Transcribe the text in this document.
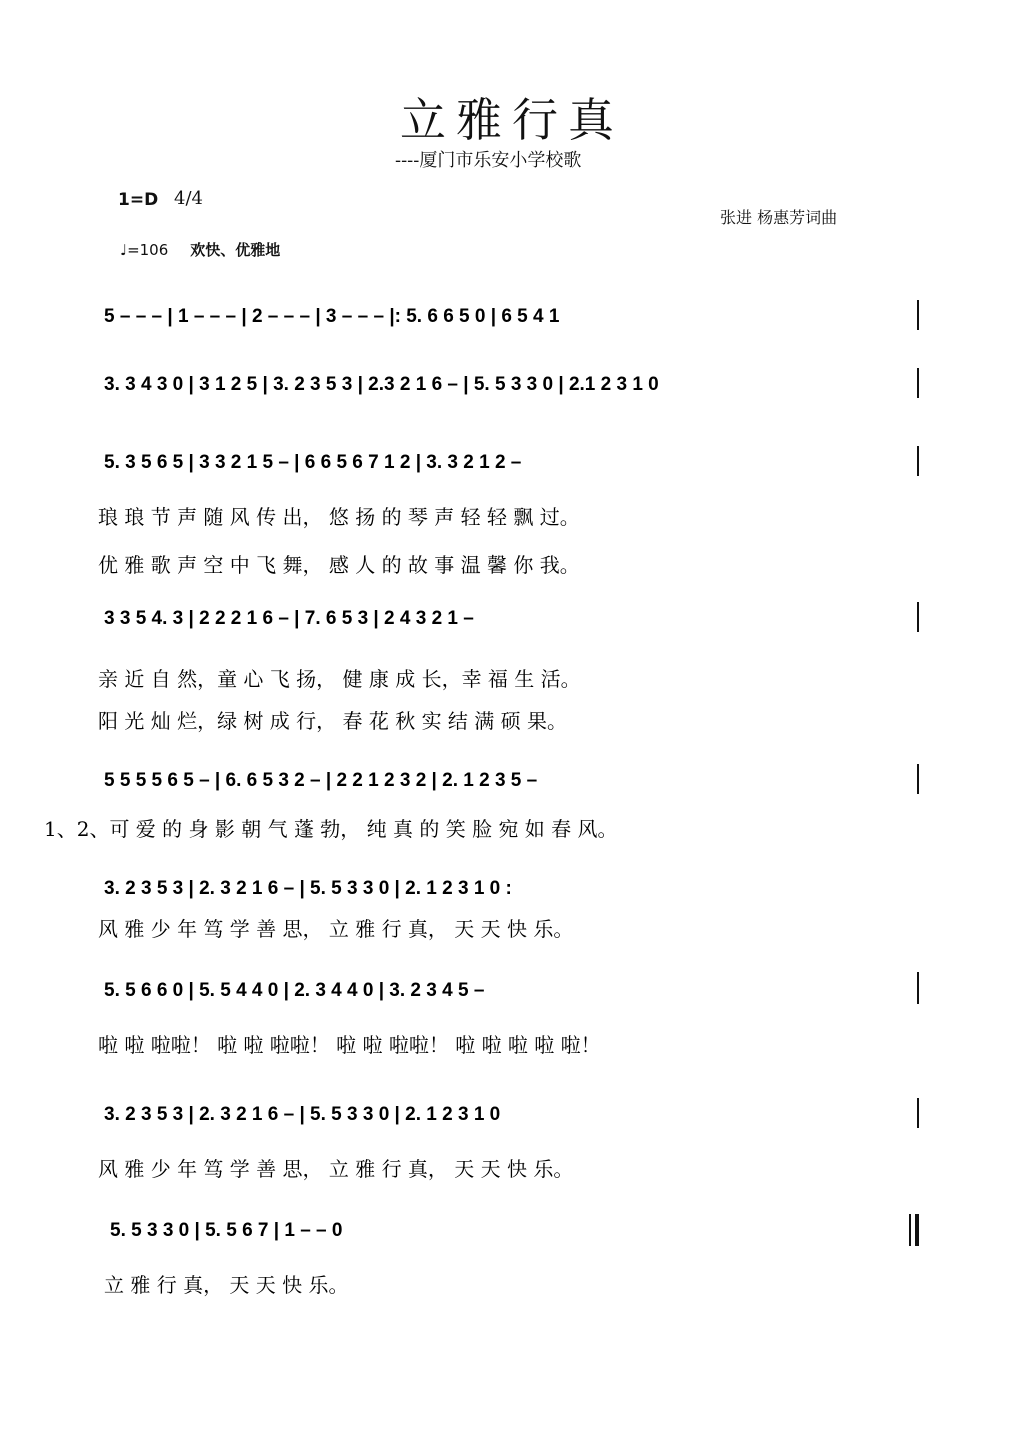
立雅行真
----厦门市乐安小学校歌
1=D 4/4
♩=106 欢快、优雅地
张进 杨惠芳词曲
5 – – – | 1 – – – | 2 – – – | 3 – – – |: 5. 6 6 5 0 | 6 5 4 1
3. 3 4 3 0 | 3 1 2 5 | 3. 2 3 5 3 | 2.3 2 1 6 – | 5. 5 3 3 0 | 2.1 2 3 1 0
5. 3 5 6 5 | 3 3 2 1 5 – | 6 6 5 6 7 1 2 | 3. 3 2 1 2 –
3 3 5 4. 3 | 2 2 2 1 6 – | 7. 6 5 3 | 2 4 3 2 1 –
5 5 5 5 6 5 – | 6. 6 5 3 2 – | 2 2 1 2 3 2 | 2. 1 2 3 5 –
3. 2 3 5 3 | 2. 3 2 1 6 – | 5. 5 3 3 0 | 2. 1 2 3 1 0 :
5. 5 6 6 0 | 5. 5 4 4 0 | 2. 3 4 4 0 | 3. 2 3 4 5 –
3. 2 3 5 3 | 2. 3 2 1 6 – | 5. 5 3 3 0 | 2. 1 2 3 1 0
5. 5 3 3 0 | 5. 5 6 7 | 1 – – 0
琅 琅 节 声 随 风 传 出， 悠 扬 的 琴 声 轻 轻 飘 过。
优 雅 歌 声 空 中 飞 舞， 感 人 的 故 事 温 馨 你 我。
亲 近 自 然，童 心 飞 扬， 健 康 成 长，幸 福 生 活。
阳 光 灿 烂，绿 树 成 行， 春 花 秋 实 结 满 硕 果。
1、2、可 爱 的 身 影 朝 气 蓬 勃， 纯 真 的 笑 脸 宛 如 春 风。
风 雅 少 年 笃 学 善 思， 立 雅 行 真， 天 天 快 乐。
啦 啦 啦啦！ 啦 啦 啦啦！ 啦 啦 啦啦！ 啦 啦 啦 啦 啦！
风 雅 少 年 笃 学 善 思， 立 雅 行 真， 天 天 快 乐。
立 雅 行 真， 天 天 快 乐。
